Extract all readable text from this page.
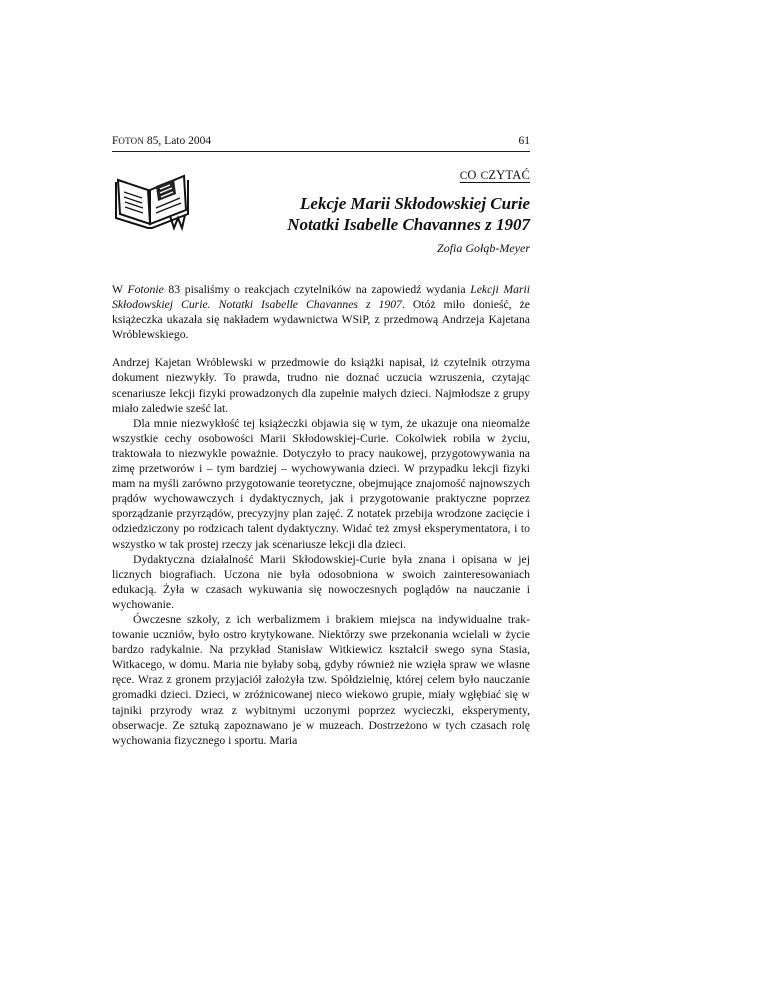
FOTON 85, Lato 2004	61
CO CZYTAĆ
Lekcje Marii Skłodowskiej Curie
Notatki Isabelle Chavannes z 1907
Zofia Gołąb-Meyer

W Fotonie 83 pisaliśmy o reakcjach czytelników na zapowiedź wydania Lekcji Marii Skłodowskiej Curie. Notatki Isabelle Chavannes z 1907. Otóż miło donieść, że książeczka ukazała się nakładem wydawnictwa WSiP, z przedmową Andrzeja Kajetana Wróblewskiego.

Andrzej Kajetan Wróblewski w przedmowie do książki napisał, iż czytelnik otrzyma dokument niezwykły. To prawda, trudno nie doznać uczucia wzruszenia, czytając scenariusze lekcji fizyki prowadzonych dla zupełnie małych dzieci. Najmłodsze z grupy miało zaledwie sześć lat.

Dla mnie niezwykłość tej książeczki objawia się w tym, że ukazuje ona nieomalże wszystkie cechy osobowości Marii Skłodowskiej-Curie. Cokolwiek robiła w życiu, traktowała to niezwykle poważnie. Dotyczyło to pracy naukowej, przygotowywania na zimę przetworów i – tym bardziej – wychowywania dzieci. W przypadku lekcji fizyki mam na myśli zarówno przygotowanie teoretyczne, obejmujące znajomość najnowszych prądów wychowawczych i dydaktycznych, jak i przygotowanie praktyczne poprzez sporządzanie przyrządów, precyzyjny plan zajęć. Z notatek przebija wrodzone zacięcie i odziedziczony po rodzicach talent dydaktyczny. Widać też zmysł eksperymentatora, i to wszystko w tak prostej rzeczy jak scenariusze lekcji dla dzieci.

Dydaktyczna działalność Marii Skłodowskiej-Curie była znana i opisana w jej licznych biografiach. Uczona nie była odosobniona w swoich zainteresowaniach edukacją. Żyła w czasach wykuwania się nowoczesnych poglądów na nauczanie i wychowanie.

Ówczesne szkoły, z ich werbalizmem i brakiem miejsca na indywidualne traktowanie uczniów, było ostro krytykowane. Niektórzy swe przekonania wcielali w życie bardzo radykalnie. Na przykład Stanisław Witkiewicz kształcił swego syna Stasia, Witkacego, w domu. Maria nie byłaby sobą, gdyby również nie wzięła spraw we własne ręce. Wraz z gronem przyjaciół założyła tzw. Spółdzielnię, której celem było nauczanie gromadki dzieci. Dzieci, w zróżnicowanej nieco wiekowo grupie, miały wgłębiać się w tajniki przyrody wraz z wybitnymi uczonymi poprzez wycieczki, eksperymenty, obserwacje. Ze sztuką zapoznawano je w muzeach. Dostrzeżono w tych czasach rolę wychowania fizycznego i sportu. Maria
